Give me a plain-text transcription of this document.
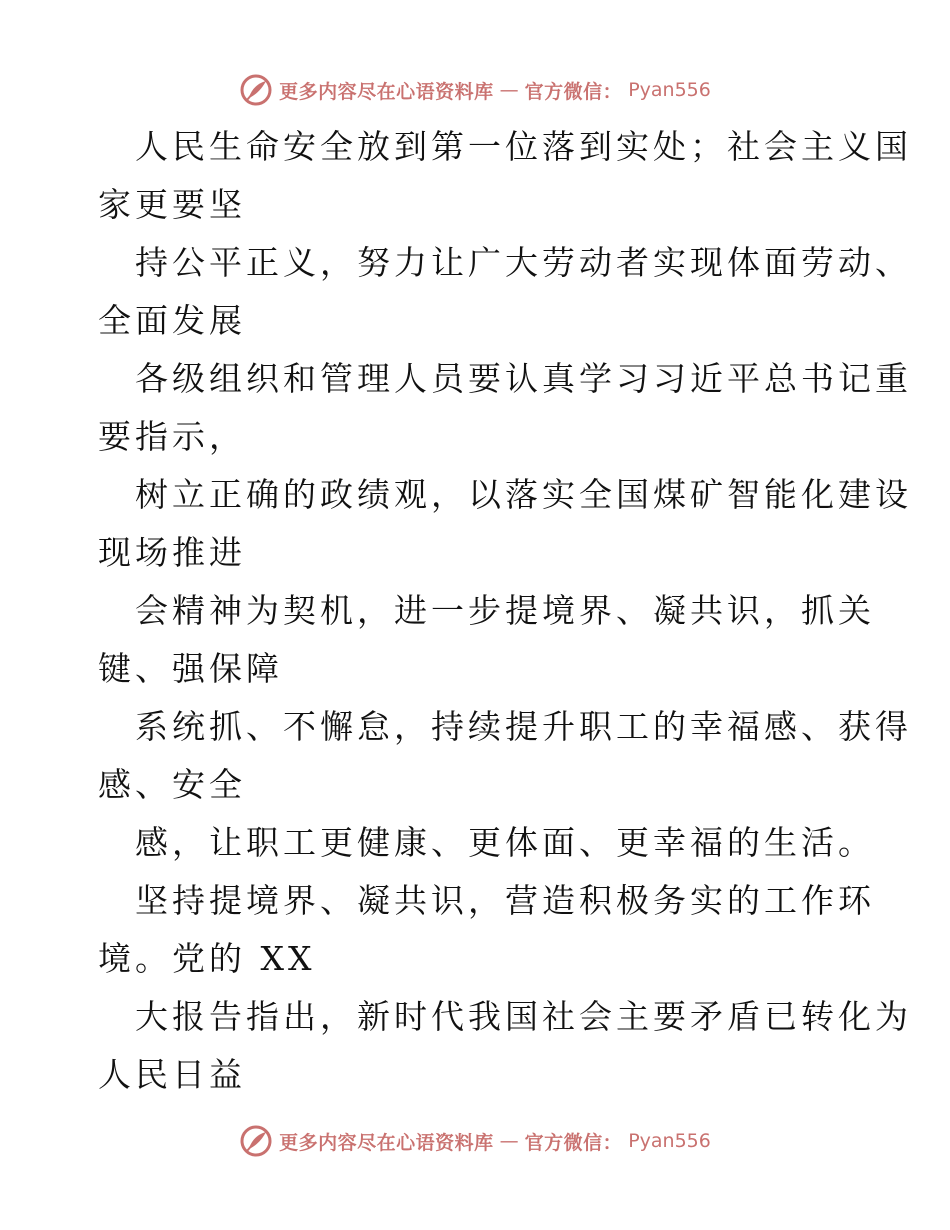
更多内容尽在心语资料库 — 官方微信： Pyan556
人民生命安全放到第一位落到实处；社会主义国
家更要坚
持公平正义，努力让广大劳动者实现体面劳动、
全面发展
各级组织和管理人员要认真学习习近平总书记重
要指示，
树立正确的政绩观，以落实全国煤矿智能化建设
现场推进
会精神为契机，进一步提境界、凝共识，抓关
键、强保障
系统抓、不懈怠，持续提升职工的幸福感、获得
感、安全
感，让职工更健康、更体面、更幸福的生活。
坚持提境界、凝共识，营造积极务实的工作环
境。党的 XX
大报告指出，新时代我国社会主要矛盾已转化为
人民日益
更多内容尽在心语资料库 — 官方微信： Pyan556
